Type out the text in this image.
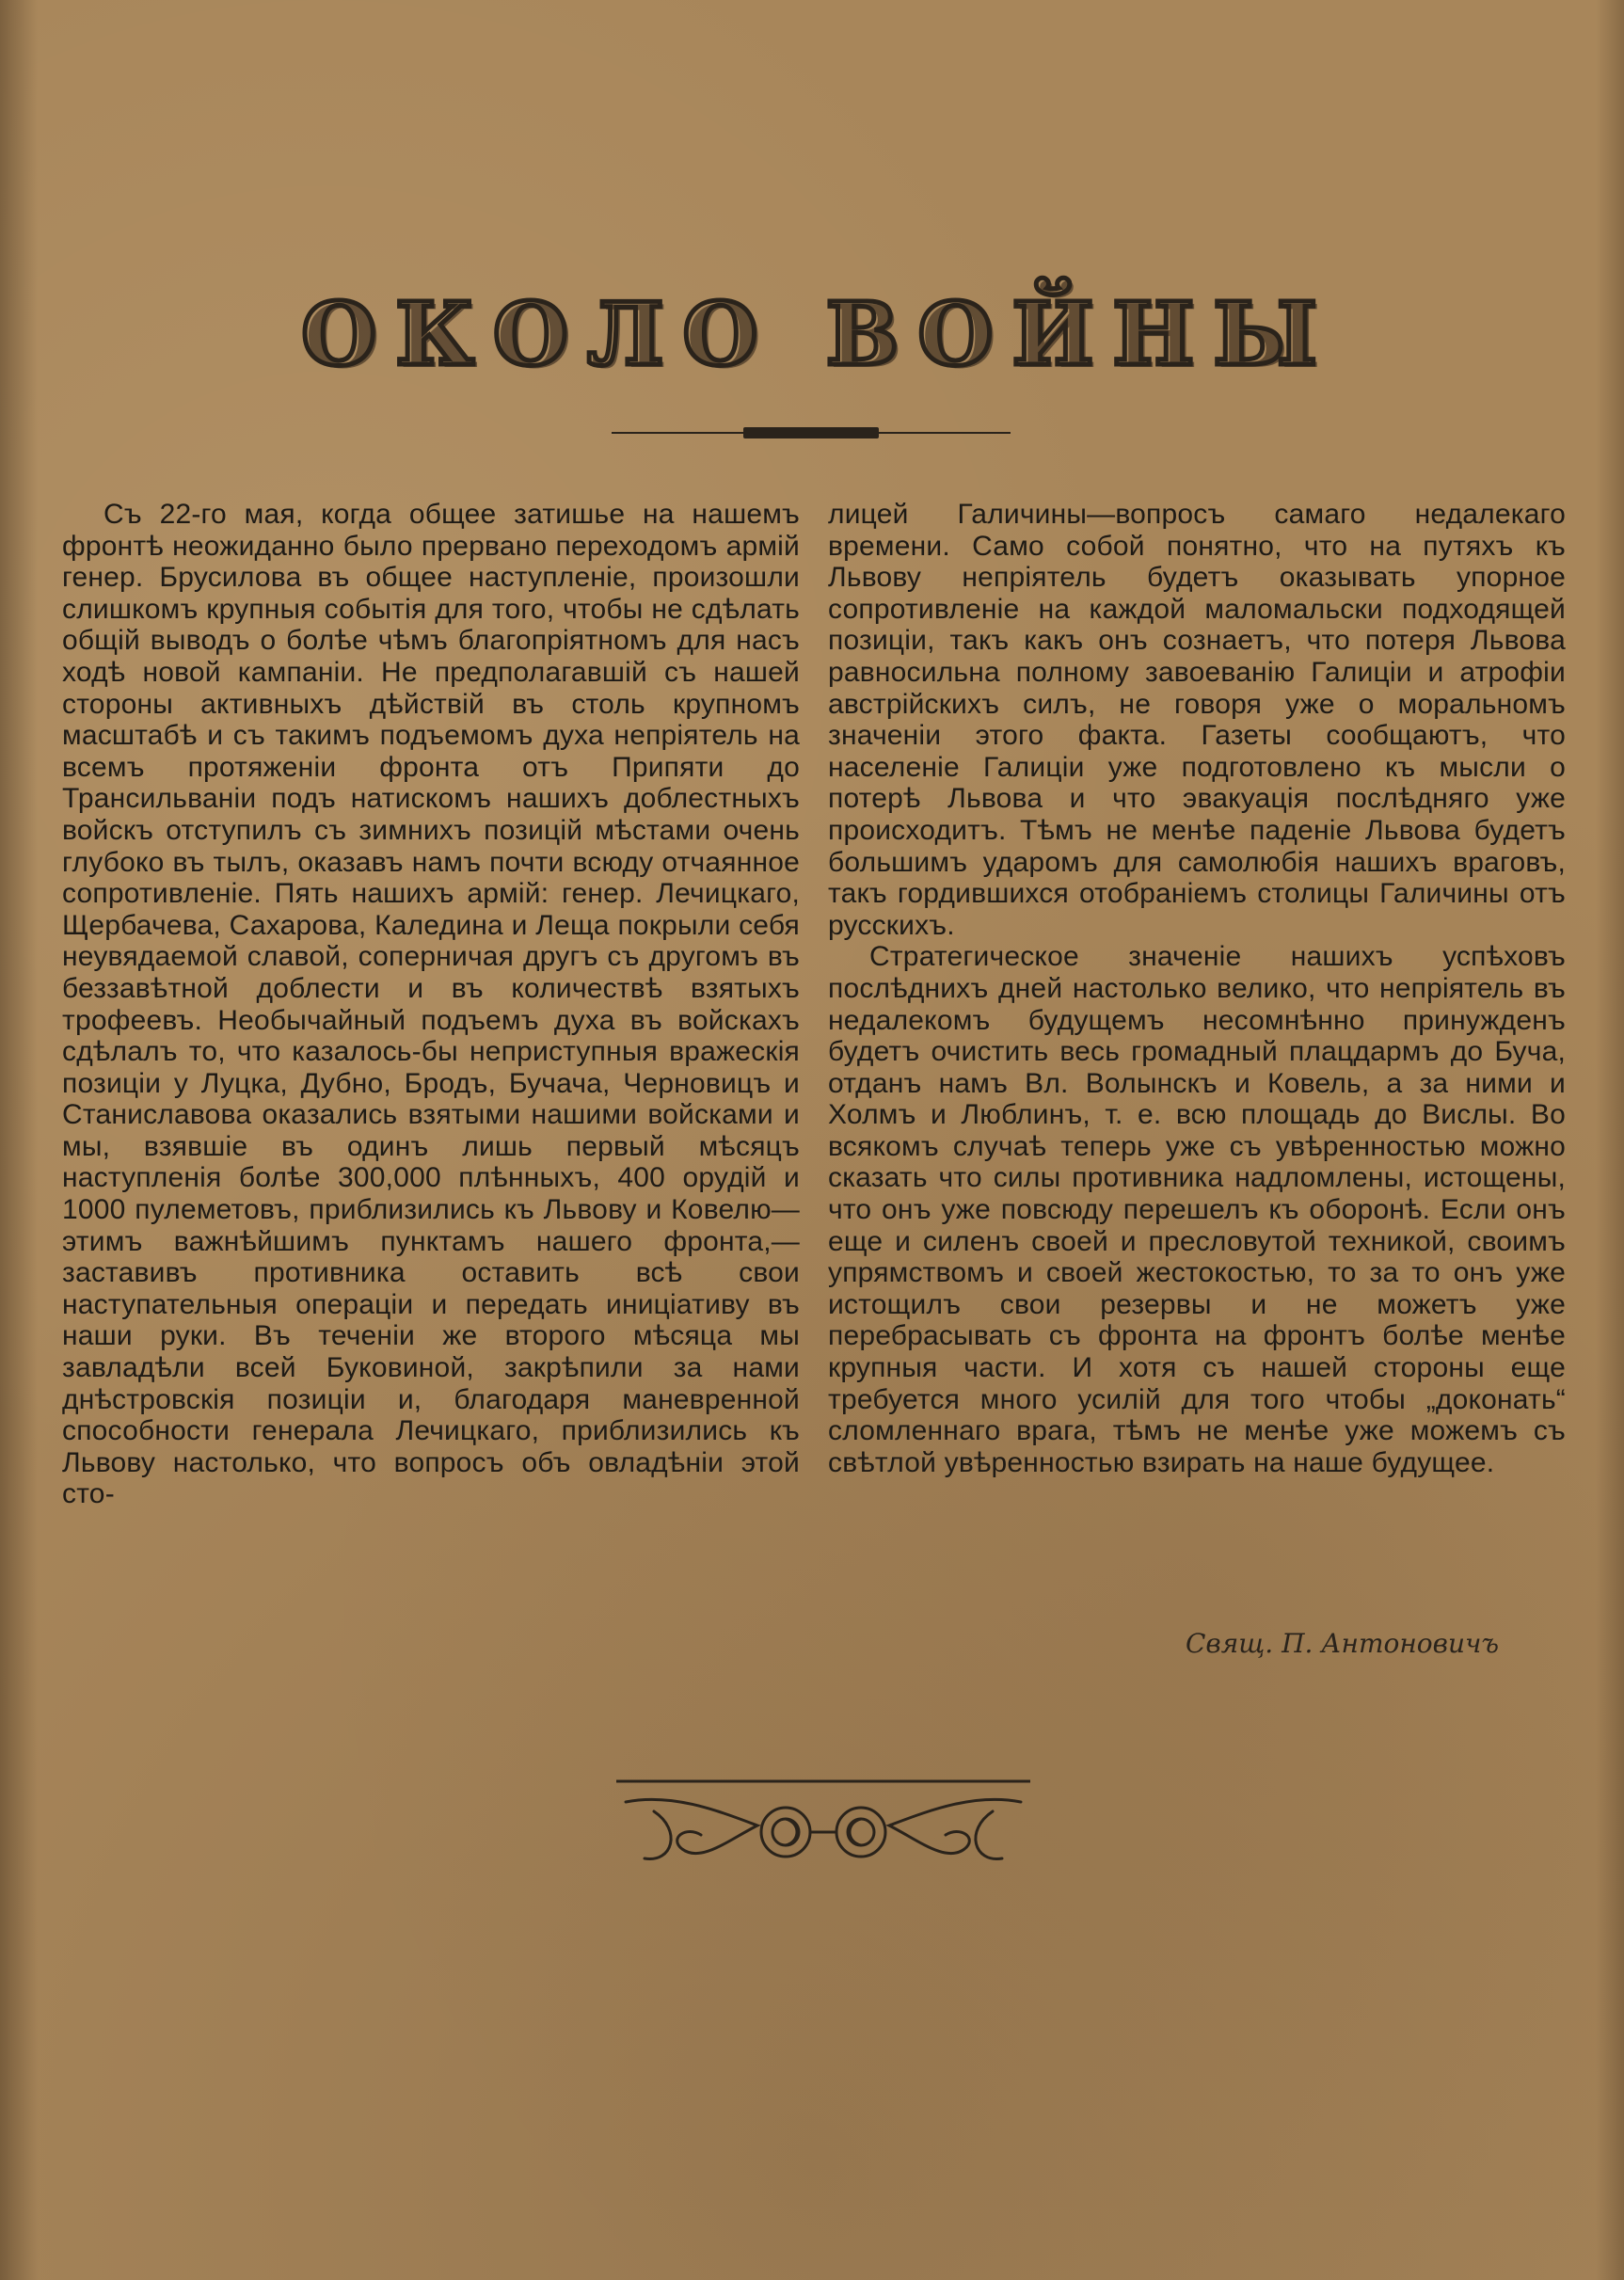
ОКОЛО ВОЙНЫ

Съ 22-го мая, когда общее затишье на нашемъ фронтѣ неожиданно было прервано переходомъ армій генер. Брусилова въ общее наступленіе, произошли слишкомъ крупныя событія для того, чтобы не сдѣлать общій выводъ о болѣе чѣмъ благопріятномъ для насъ ходѣ новой кампаніи. Не предполагавшій съ нашей стороны активныхъ дѣйствій въ столь крупномъ масштабѣ и съ такимъ подъемомъ духа непріятель на всемъ протяженіи фронта отъ Припяти до Трансильваніи подъ натискомъ нашихъ доблестныхъ войскъ отступилъ съ зимнихъ позицій мѣстами очень глубоко въ тылъ, оказавъ намъ почти всюду отчаянное сопротивленіе. Пять нашихъ армій: генер. Лечицкаго, Щербачева, Сахарова, Каледина и Леща покрыли себя неувядаемой славой, соперничая другъ съ другомъ въ беззавѣтной доблести и въ количествѣ взятыхъ трофеевъ. Необычайный подъемъ духа въ войскахъ сдѣлалъ то, что казалось-бы неприступныя вражескія позиціи у Луцка, Дубно, Бродъ, Бучача, Черновицъ и Станиславова оказались взятыми нашими войсками и мы, взявшіе въ одинъ лишь первый мѣсяцъ наступленія болѣе 300,000 плѣнныхъ, 400 орудій и 1000 пулеметовъ, приблизились къ Львову и Ковелю—этимъ важнѣйшимъ пунктамъ нашего фронта,—заставивъ противника оставить всѣ свои наступательныя операціи и передать иниціативу въ наши руки. Въ теченіи же второго мѣсяца мы завладѣли всей Буковиной, закрѣпили за нами днѣстровскія позиціи и, благодаря маневренной способности генерала Лечицкаго, приблизились къ Львову настолько, что вопросъ объ овладѣніи этой сто-

лицей Галичины—вопросъ самаго недалекаго времени. Само собой понятно, что на путяхъ къ Львову непріятель будетъ оказывать упорное сопротивленіе на каждой маломальски подходящей позиціи, такъ какъ онъ сознаетъ, что потеря Львова равносильна полному завоеванію Галиціи и атрофіи австрійскихъ силъ, не говоря уже о моральномъ значеніи этого факта. Газеты сообщаютъ, что населеніе Галиціи уже подготовлено къ мысли о потерѣ Львова и что эвакуація послѣдняго уже происходитъ. Тѣмъ не менѣе паденіе Львова будетъ большимъ ударомъ для самолюбія нашихъ враговъ, такъ гордившихся отобраніемъ столицы Галичины отъ русскихъ.

Стратегическое значеніе нашихъ успѣховъ послѣднихъ дней настолько велико, что непріятель въ недалекомъ будущемъ несомнѣнно принужденъ будетъ очистить весь громадный плацдармъ до Буча, отданъ намъ Вл. Волынскъ и Ковель, а за ними и Холмъ и Люблинъ, т. е. всю площадь до Вислы. Во всякомъ случаѣ теперь уже съ увѣренностью можно сказать что силы противника надломлены, истощены, что онъ уже повсюду перешелъ къ оборонѣ. Если онъ еще и силенъ своей и пресловутой техникой, своимъ упрямствомъ и своей жестокостью, то за то онъ уже истощилъ свои резервы и не можетъ уже перебрасывать съ фронта на фронтъ болѣе менѣе крупныя части. И хотя съ нашей стороны еще требуется много усилій для того чтобы „доконать“ сломленнаго врага, тѣмъ не менѣе уже можемъ съ свѣтлой увѣренностью взирать на наше будущее.

Свящ. П. Антоновичъ
